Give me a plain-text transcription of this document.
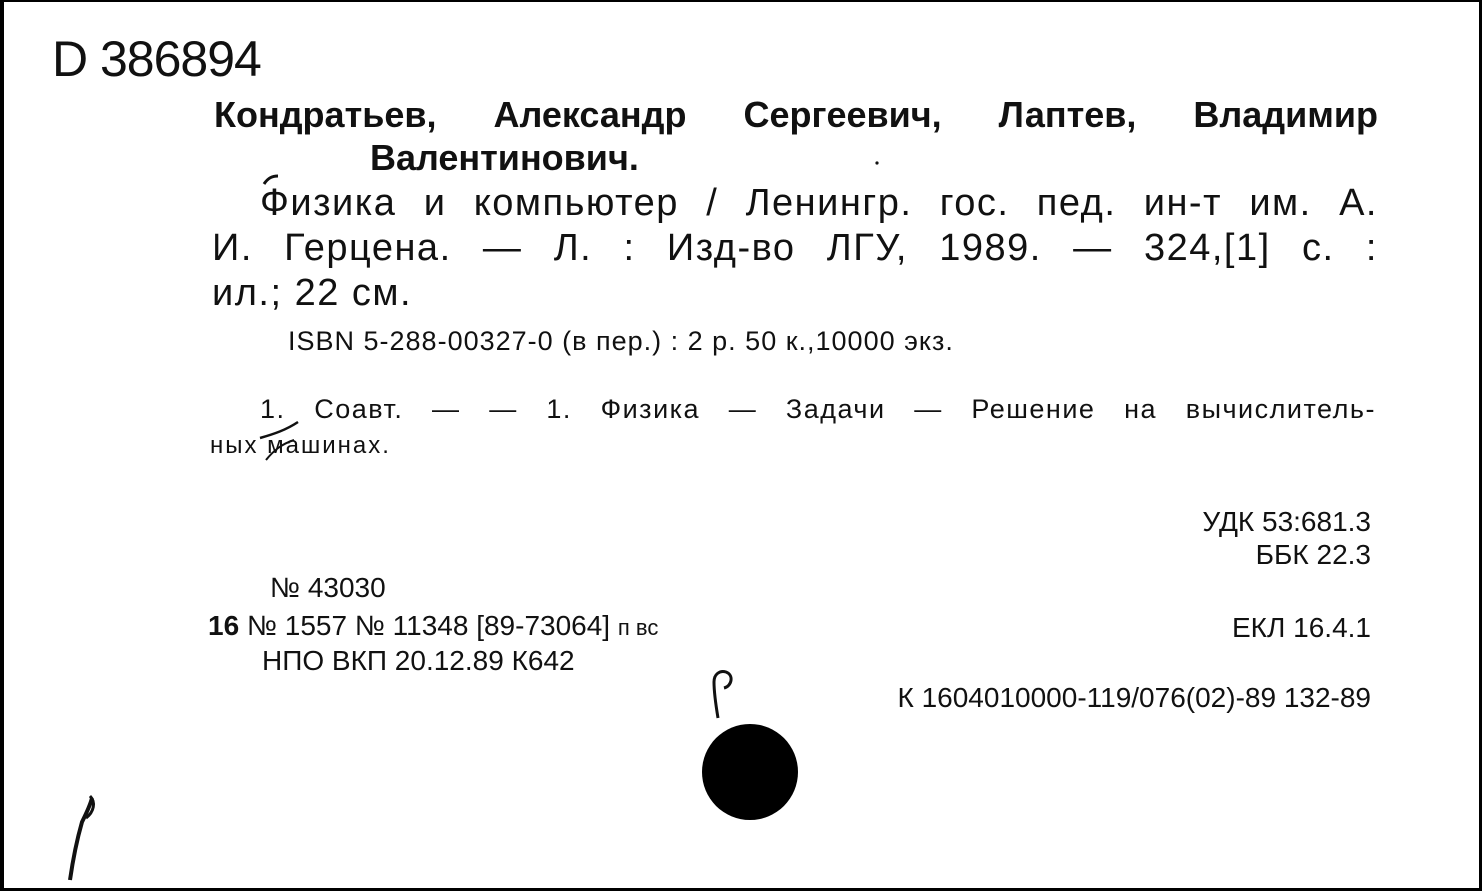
D 386894
Кондратьев, Александр Сергеевич, Лаптев, Владимир
Валентинович.
Физика и компьютер / Ленингр. гос. пед. ин-т им. А.
И. Герцена. — Л. : Изд-во ЛГУ, 1989. — 324,[1] с. :
ил.; 22 см.
ISBN 5-288-00327-0 (в пер.) : 2 р. 50 к.,10000 экз.
1. Соавт. — — 1. Физика — Задачи — Решение на вычислитель-
ных машинах.
УДК 53:681.3
ББК 22.3
№ 43030
16 № 1557 № 11348 [89-73064] п вс	ЕКЛ 16.4.1
НПО ВКП 20.12.89 К642
К 1604010000-119/076(02)-89 132-89
